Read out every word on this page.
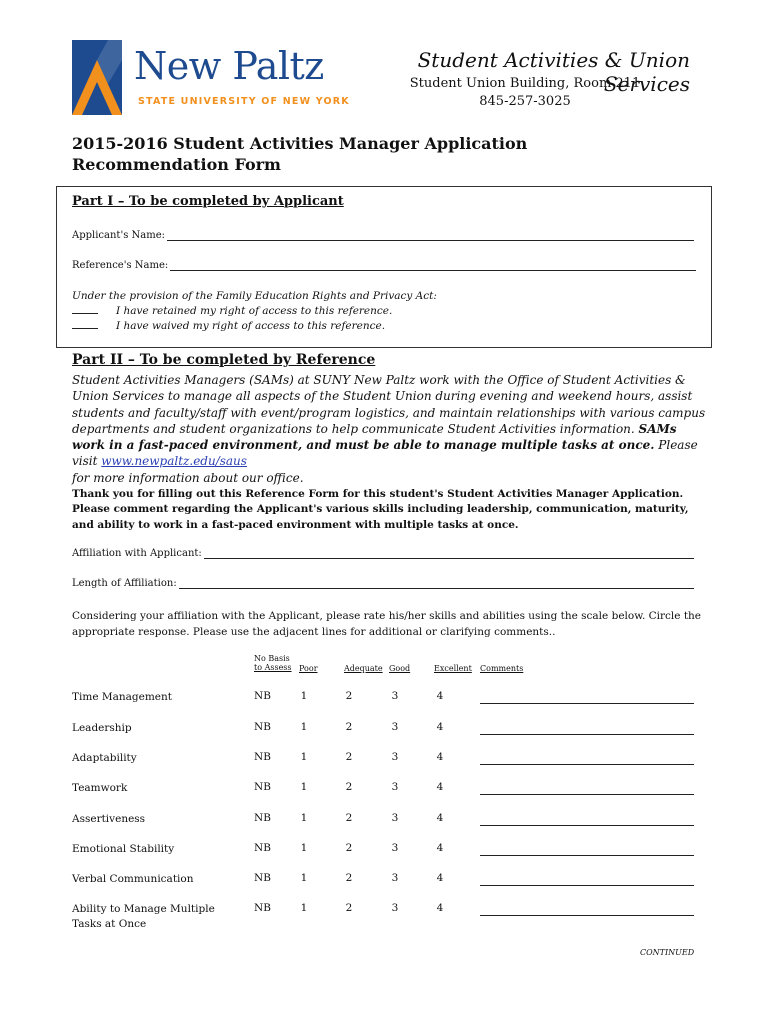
New Paltz
STATE UNIVERSITY OF NEW YORK
Student Activities & Union Services
Student Union Building, Room 211
845-257-3025
2015-2016 Student Activities Manager Application
Recommendation Form
Part I – To be completed by Applicant
Applicant's Name:
Reference's Name:
Under the provision of the Family Education Rights and Privacy Act:
I have retained my right of access to this reference.
I have waived my right of access to this reference.
Part II – To be completed by Reference
Student Activities Managers (SAMs) at SUNY New Paltz work with the Office of Student Activities & Union Services to manage all aspects of the Student Union during evening and weekend hours, assist students and faculty/staff with event/program logistics, and maintain relationships with various campus departments and student organizations to help communicate Student Activities information. SAMs work in a fast-paced environment, and must be able to manage multiple tasks at once. Please visit www.newpaltz.edu/saus
for more information about our office.
Thank you for filling out this Reference Form for this student's Student Activities Manager Application. Please comment regarding the Applicant's various skills including leadership, communication, maturity, and ability to work in a fast-paced environment with multiple tasks at once.
Affiliation with Applicant:
Length of Affiliation:
Considering your affiliation with the Applicant, please rate his/her skills and abilities using the scale below. Circle the appropriate response. Please use the adjacent lines for additional or clarifying comments..
No Basis
to Assess Poor	Adequate Good	Excellent Comments
Time Management	NB	1	2	3	4
Leadership	NB	1	2	3	4
Adaptability	NB	1	2	3	4
Teamwork	NB	1	2	3	4
Assertiveness	NB	1	2	3	4
Emotional Stability	NB	1	2	3	4
Verbal Communication	NB	1	2	3	4
Ability to Manage Multiple
Tasks at Once
NB	1	2	3	4
CONTINUED
